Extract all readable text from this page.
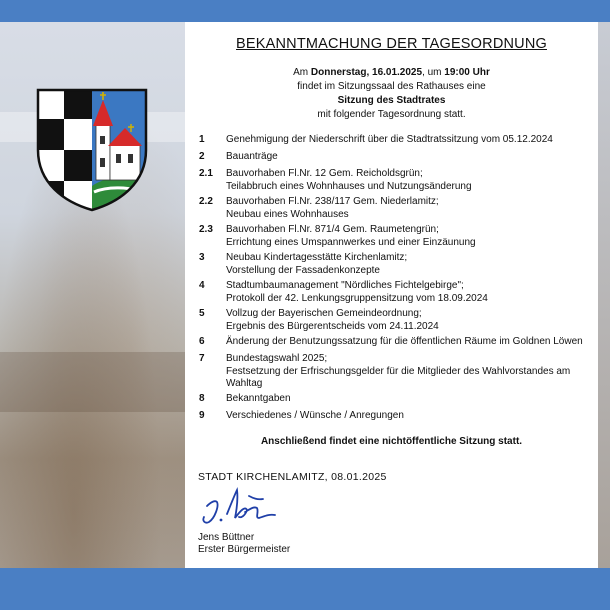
BEKANNTMACHUNG DER TAGESORDNUNG
Am Donnerstag, 16.01.2025, um 19:00 Uhr
findet im Sitzungssaal des Rathauses eine
Sitzung des Stadtrates
mit folgender Tagesordnung statt.
1	Genehmigung der Niederschrift über die Stadtratssitzung vom 05.12.2024
2	Bauanträge
2.1	Bauvorhaben Fl.Nr. 12 Gem. Reicholdsgrün;
Teilabbruch eines Wohnhauses und Nutzungsänderung
2.2	Bauvorhaben Fl.Nr. 238/117 Gem. Niederlamitz;
Neubau eines Wohnhauses
2.3	Bauvorhaben Fl.Nr. 871/4 Gem. Raumetengrün;
Errichtung eines Umspannwerkes und einer Einzäunung
3	Neubau Kindertagesstätte Kirchenlamitz;
Vorstellung der Fassadenkonzepte
4	Stadtumbaumanagement "Nördliches Fichtelgebirge";
Protokoll der 42. Lenkungsgruppensitzung vom 18.09.2024
5	Vollzug der Bayerischen Gemeindeordnung;
Ergebnis des Bürgerentscheids vom 24.11.2024
6	Änderung der Benutzungssatzung für die öffentlichen Räume im Goldnen Löwen
7	Bundestagswahl 2025;
Festsetzung der Erfrischungsgelder für die Mitglieder des Wahlvorstandes am
Wahltag
8	Bekanntgaben
9	Verschiedenes / Wünsche / Anregungen
Anschließend findet eine nichtöffentliche Sitzung statt.
STADT KIRCHENLAMITZ, 08.01.2025
Jens Büttner
Erster Bürgermeister
